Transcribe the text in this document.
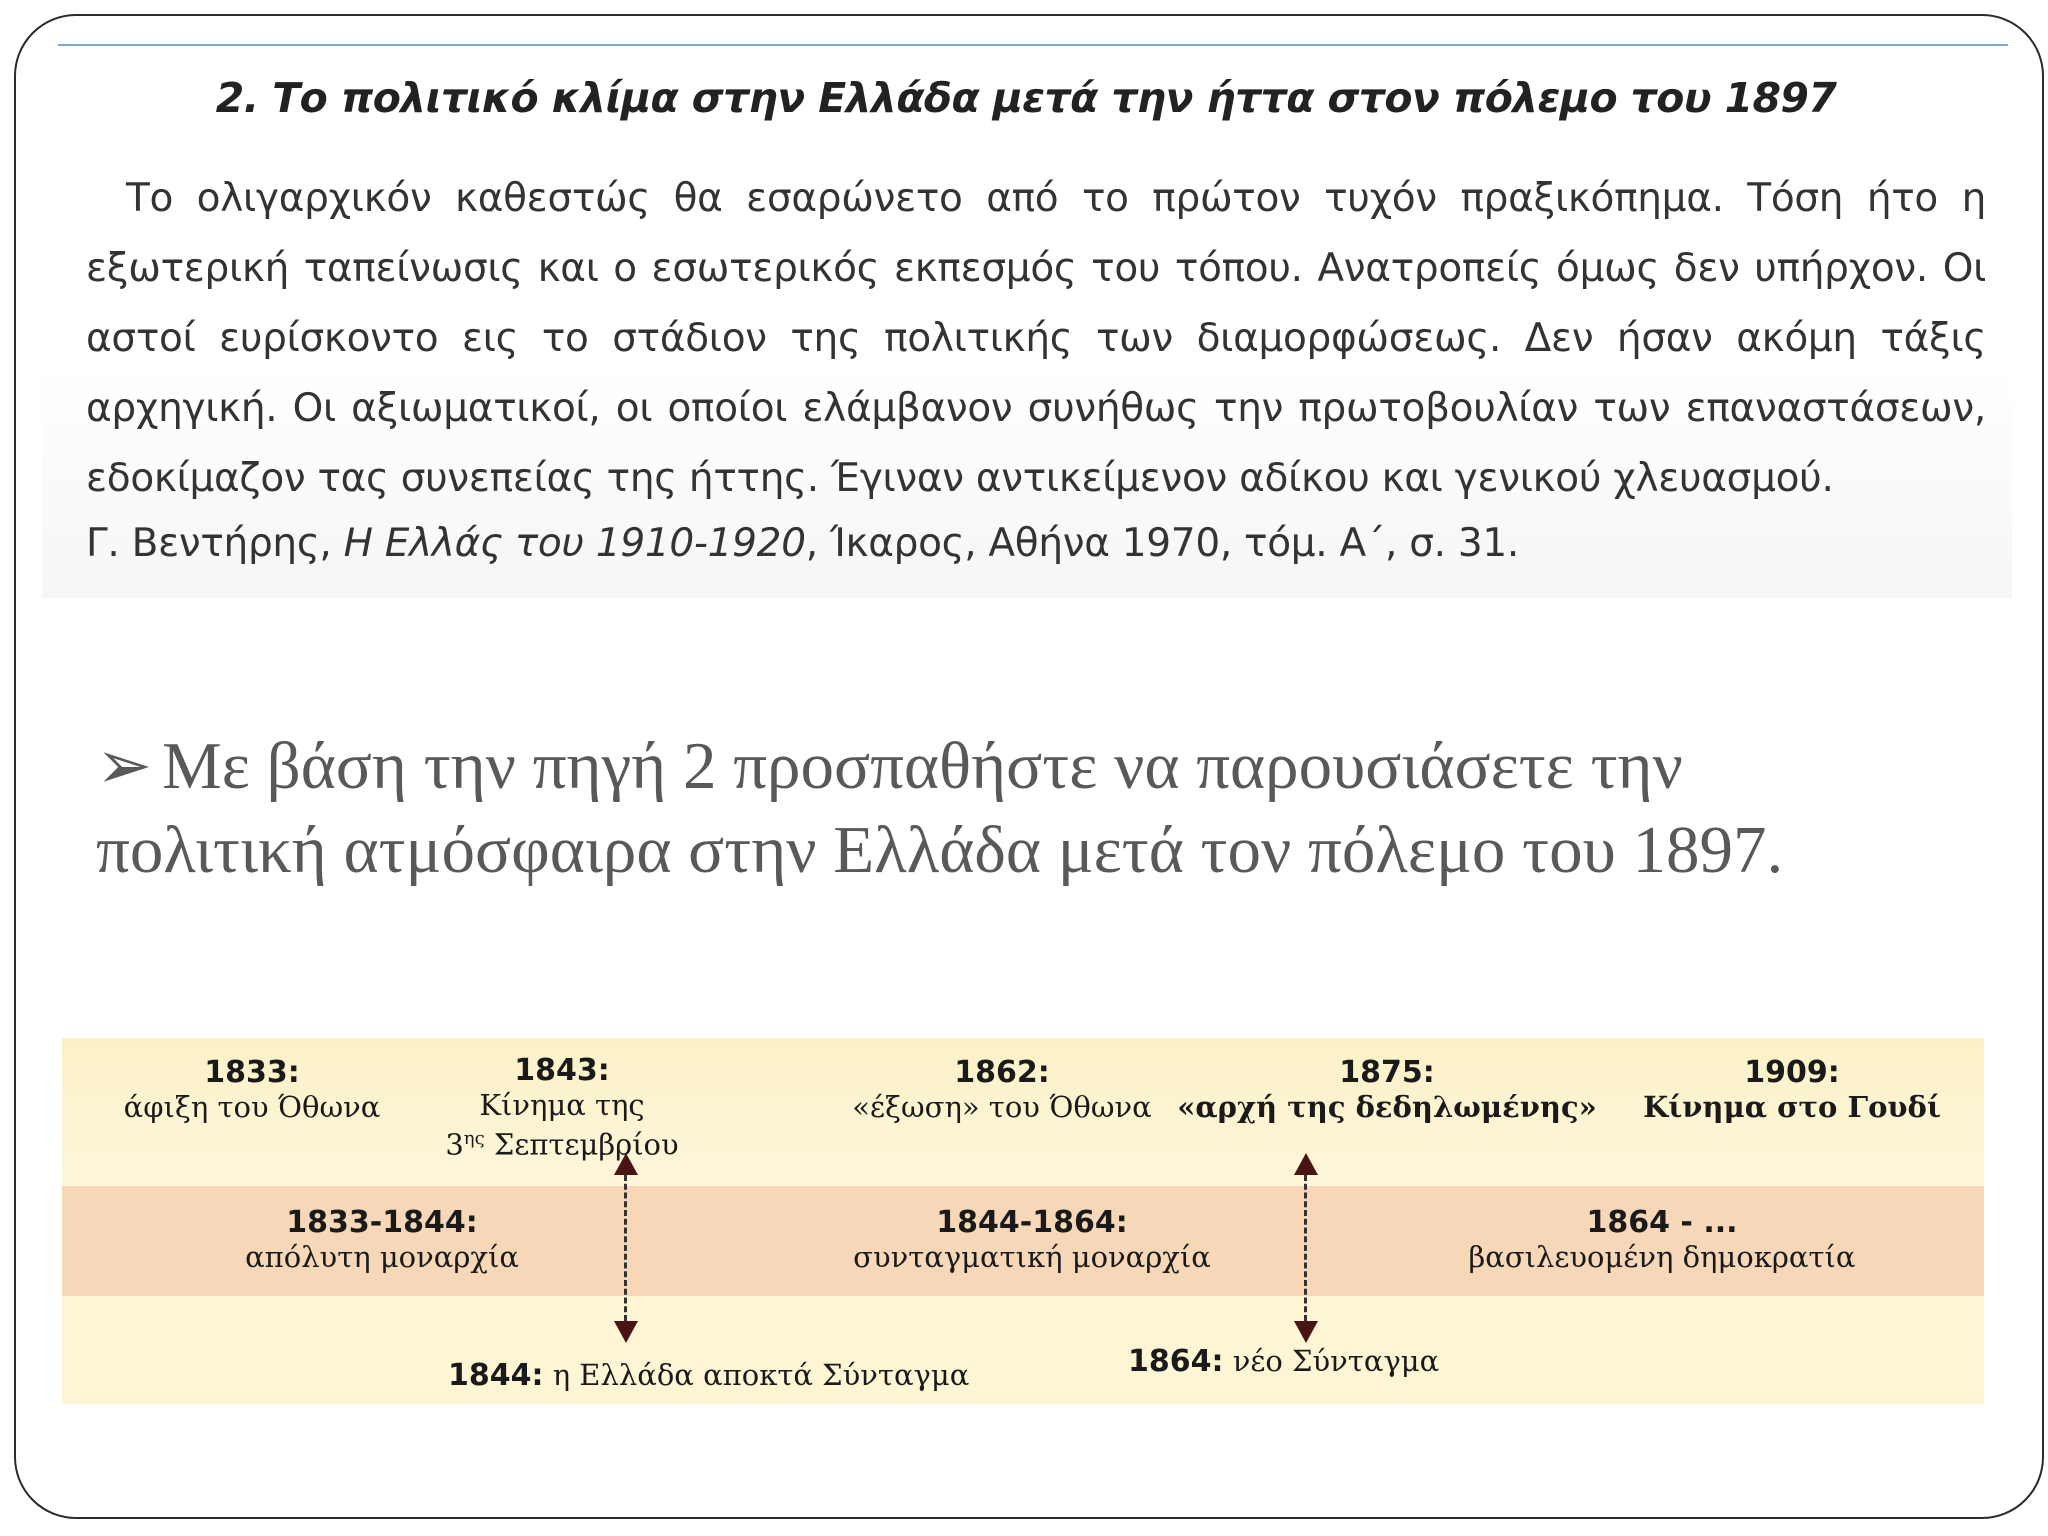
2. Το πολιτικό κλίμα στην Ελλάδα μετά την ήττα στον πόλεμο του 1897
Το ολιγαρχικόν καθεστώς θα εσαρώνετο από το πρώτον τυχόν πραξικόπημα. Τόση ήτο η εξωτερική ταπείνωσις και ο εσωτερικός εκπεσμός του τόπου. Ανατροπείς όμως δεν υπήρχον. Οι αστοί ευρίσκοντο εις το στάδιον της πολιτικής των διαμορφώσεως. Δεν ήσαν ακόμη τάξις αρχηγική. Οι αξιωματικοί, οι οποίοι ελάμβανον συνήθως την πρωτοβουλίαν των επαναστάσεων, εδοκίμαζον τας συνεπείας της ήττης. Έγιναν αντικείμενον αδίκου και γενικού χλευασμού.
Γ. Βεντήρης, Η Ελλάς του 1910-1920, Ίκαρος, Αθήνα 1970, τόμ. Α΄, σ. 31.
➢ Με βάση την πηγή 2 προσπαθήστε να παρουσιάσετε την πολιτική ατμόσφαιρα στην Ελλάδα μετά τον πόλεμο του 1897.
1833:
άφιξη του Όθωνα
1843:
Κίνημα της
$3^{\eta\varsigma}$ Σεπτεμβρίου
1862:
«έξωση» του Όθωνα
1875:
«αρχή της δεδηλωμένης»
1909:
Κίνημα στο Γουδί
1833-1844:
απόλυτη μοναρχία
1844-1864:
συνταγματική μοναρχία
1864 - ...
βασιλευομένη δημοκρατία
1844: η Ελλάδα αποκτά Σύνταγμα	1864: νέο Σύνταγμα
